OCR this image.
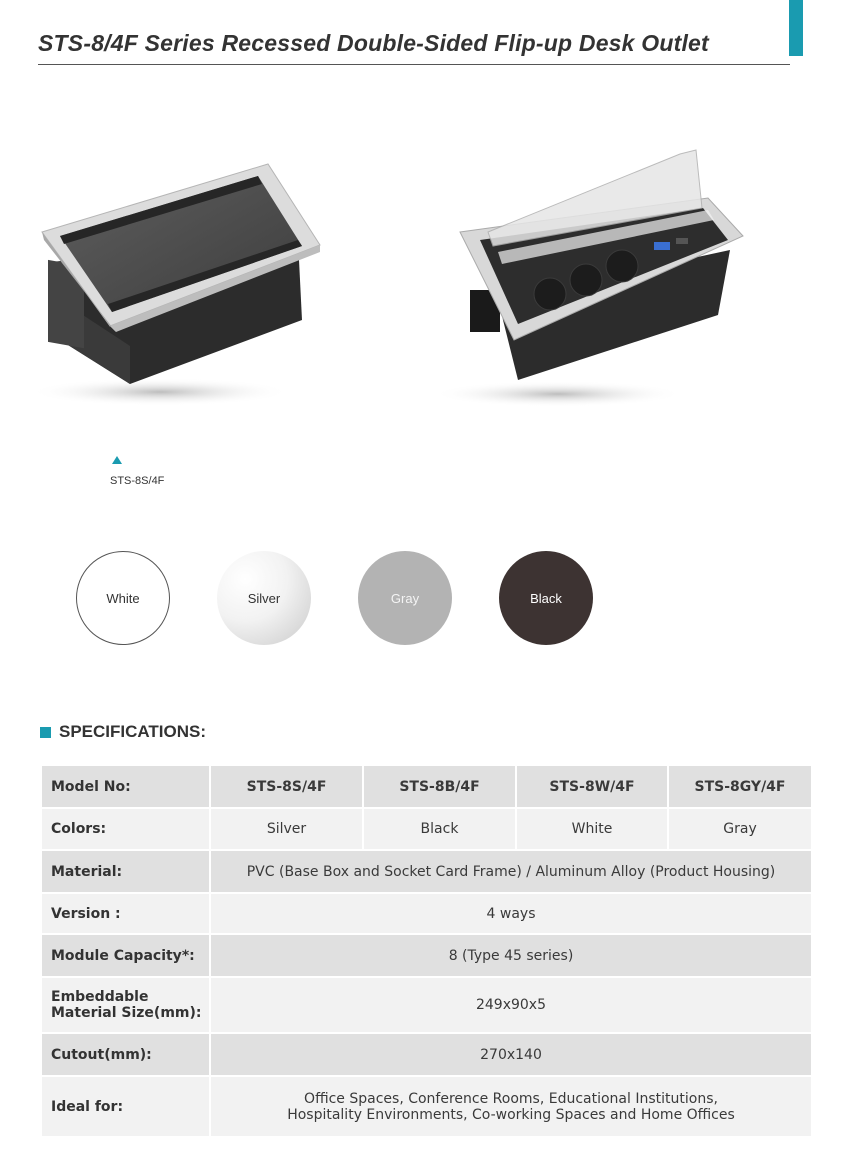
STS-8/4F Series Recessed Double-Sided Flip-up Desk Outlet
STS-8S/4F
White	Silver	Gray	Black
SPECIFICATIONS:
Model No:	STS-8S/4F	STS-8B/4F	STS-8W/4F	STS-8GY/4F
Colors:	Silver	Black	White	Gray
Material:	PVC (Base Box and Socket Card Frame) / Aluminum Alloy (Product Housing)			
Version :	4 ways			
Module Capacity*:	8 (Type 45 series)			

Embeddable
Material Size(mm):	249x90x5			
Cutout(mm):	270x140			
Ideal for:	Office Spaces, Conference Rooms, Educational Institutions,
Hospitality Environments, Co-working Spaces and Home Offices			
